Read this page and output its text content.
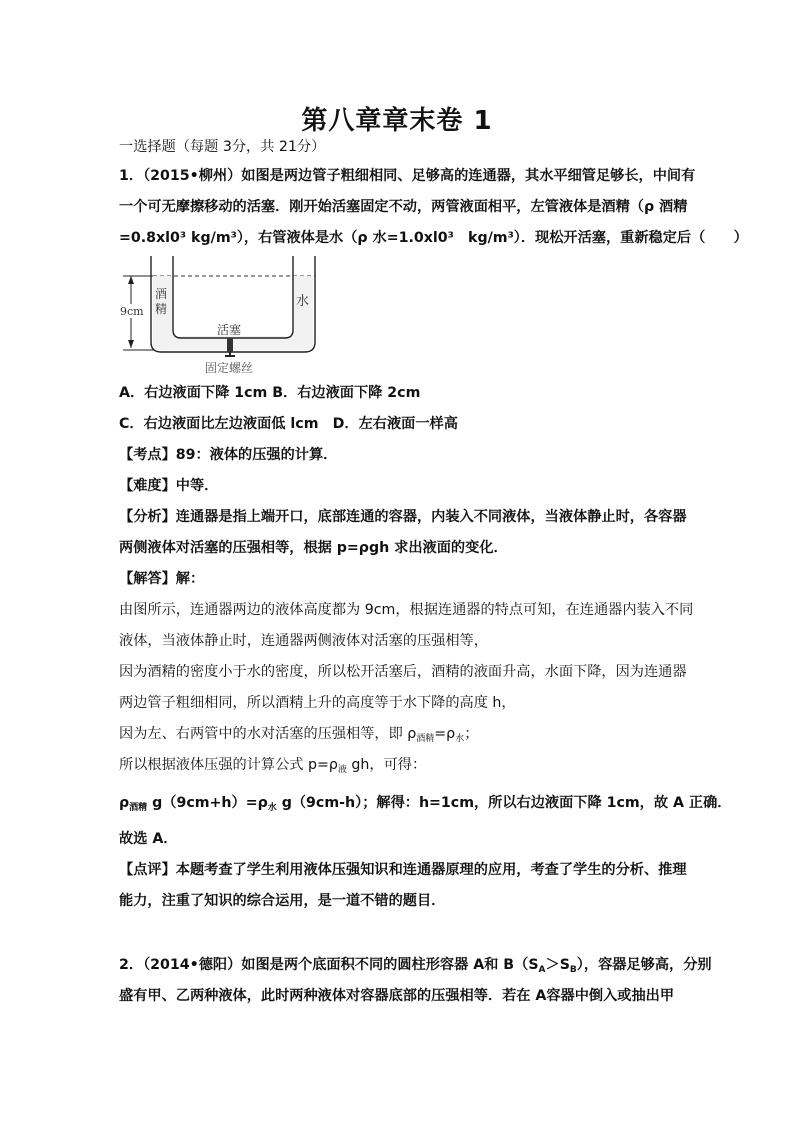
第八章章末卷 1
一选择题（每题 3分，共 21分）
1．（2015•柳州）如图是两边管子粗细相同、足够高的连通器，其水平细管足够长，中间有
一个可无摩擦移动的活塞．刚开始活塞固定不动，两管液面相平，左管液体是酒精（ρ 酒精
=0.8xl0³ kg/m³），右管液体是水（ρ 水=1.0xl0³　kg/m³）．现松开活塞，重新稳定后（　　）
9cm
酒
精	水
活塞
固定螺丝
A．右边液面下降 1cm B．右边液面下降 2cm
C．右边液面比左边液面低 lcm　D．左右液面一样高
【考点】89：液体的压强的计算．
【难度】中等．
【分析】连通器是指上端开口，底部连通的容器，内装入不同液体，当液体静止时，各容器
两侧液体对活塞的压强相等，根据 p=ρgh 求出液面的变化．
【解答】解：
由图所示，连通器两边的液体高度都为 9cm，根据连通器的特点可知，在连通器内装入不同
液体，当液体静止时，连通器两侧液体对活塞的压强相等，
因为酒精的密度小于水的密度，所以松开活塞后，酒精的液面升高，水面下降，因为连通器
两边管子粗细相同，所以酒精上升的高度等于水下降的高度 h，
因为左、右两管中的水对活塞的压强相等，即 $\rho_{酒精}=\rho_水$；
所以根据液体压强的计算公式 $p=\rho_液$ gh，可得：
$\rho_{酒精}$ $g(9cm+h)=\rho_水$ g（9cm-h）；解得：h=1cm，所以右边液面下降 1cm，故 A 正确．
故选 A．
【点评】本题考查了学生利用液体压强知识和连通器原理的应用，考查了学生的分析、推理
能力，注重了知识的综合运用，是一道不错的题目．
2．（2014•德阳）如图是两个底面积不同的圆柱形容器 A和 $B(S_A>S_B)$，容器足够高，分别
盛有甲、乙两种液体，此时两种液体对容器底部的压强相等．若在 A容器中倒入或抽出甲
